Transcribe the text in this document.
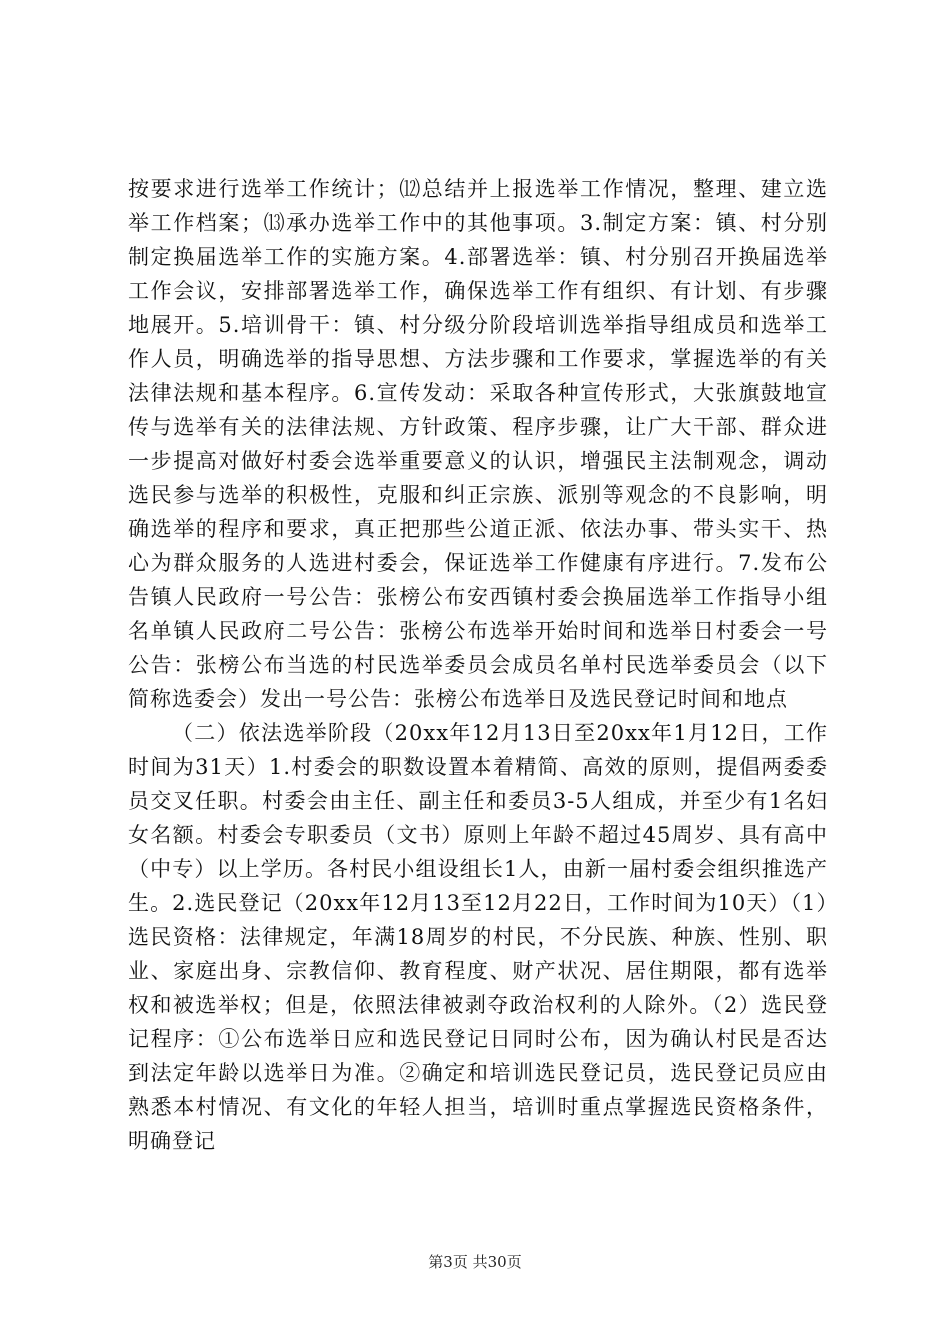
按要求进行选举工作统计；⑿总结并上报选举工作情况，整理、建立选举工作档案；⒀承办选举工作中的其他事项。3.制定方案：镇、村分别制定换届选举工作的实施方案。4.部署选举：镇、村分别召开换届选举工作会议，安排部署选举工作，确保选举工作有组织、有计划、有步骤地展开。5.培训骨干：镇、村分级分阶段培训选举指导组成员和选举工作人员，明确选举的指导思想、方法步骤和工作要求，掌握选举的有关法律法规和基本程序。6.宣传发动：采取各种宣传形式，大张旗鼓地宣传与选举有关的法律法规、方针政策、程序步骤，让广大干部、群众进一步提高对做好村委会选举重要意义的认识，增强民主法制观念，调动选民参与选举的积极性，克服和纠正宗族、派别等观念的不良影响，明确选举的程序和要求，真正把那些公道正派、依法办事、带头实干、热心为群众服务的人选进村委会，保证选举工作健康有序进行。7.发布公告镇人民政府一号公告：张榜公布安西镇村委会换届选举工作指导小组名单镇人民政府二号公告：张榜公布选举开始时间和选举日村委会一号公告：张榜公布当选的村民选举委员会成员名单村民选举委员会（以下简称选委会）发出一号公告：张榜公布选举日及选民登记时间和地点

（二）依法选举阶段（20xx年12月13日至20xx年1月12日，工作时间为31天）1.村委会的职数设置本着精简、高效的原则，提倡两委委员交叉任职。村委会由主任、副主任和委员3-5人组成，并至少有1名妇女名额。村委会专职委员（文书）原则上年龄不超过45周岁、具有高中（中专）以上学历。各村民小组设组长1人，由新一届村委会组织推选产生。2.选民登记（20xx年12月13至12月22日，工作时间为10天）（1）选民资格：法律规定，年满18周岁的村民，不分民族、种族、性别、职业、家庭出身、宗教信仰、教育程度、财产状况、居住期限，都有选举权和被选举权；但是，依照法律被剥夺政治权利的人除外。（2）选民登记程序：①公布选举日应和选民登记日同时公布，因为确认村民是否达到法定年龄以选举日为准。②确定和培训选民登记员，选民登记员应由熟悉本村情况、有文化的年轻人担当，培训时重点掌握选民资格条件，明确登记

第3页 共30页
